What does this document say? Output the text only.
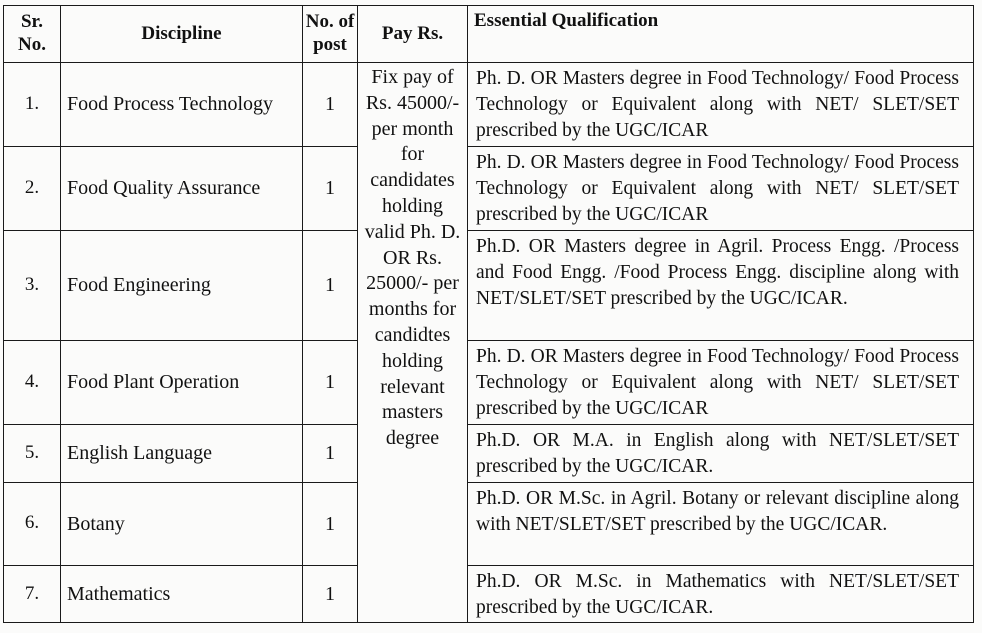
Sr. No.	Discipline	No. of post	Pay Rs.	Essential Qualification
1.	Food Process Technology	1	Fix pay of Rs. 45000/- per month for candidates holding valid Ph. D. OR Rs. 25000/- per months for candidtes holding relevant masters degree	Ph. D. OR Masters degree in Food Technology/ Food Process Technology or Equivalent along with NET/ SLET/SET prescribed by the UGC/ICAR
2.	Food Quality Assurance	1		Ph. D. OR Masters degree in Food Technology/ Food Process Technology or Equivalent along with NET/ SLET/SET prescribed by the UGC/ICAR
3.	Food Engineering	1		Ph.D. OR Masters degree in Agril. Process Engg. /Process and Food Engg. /Food Process Engg. discipline along with NET/SLET/SET prescribed by the UGC/ICAR.
4.	Food Plant Operation	1		Ph. D. OR Masters degree in Food Technology/ Food Process Technology or Equivalent along with NET/ SLET/SET prescribed by the UGC/ICAR
5.	English Language	1		Ph.D. OR M.A. in English along with NET/SLET/SET prescribed by the UGC/ICAR.
6.	Botany	1		Ph.D. OR M.Sc. in Agril. Botany or relevant discipline along with NET/SLET/SET prescribed by the UGC/ICAR.
7.	Mathematics	1		Ph.D. OR M.Sc. in Mathematics with NET/SLET/SET prescribed by the UGC/ICAR.
